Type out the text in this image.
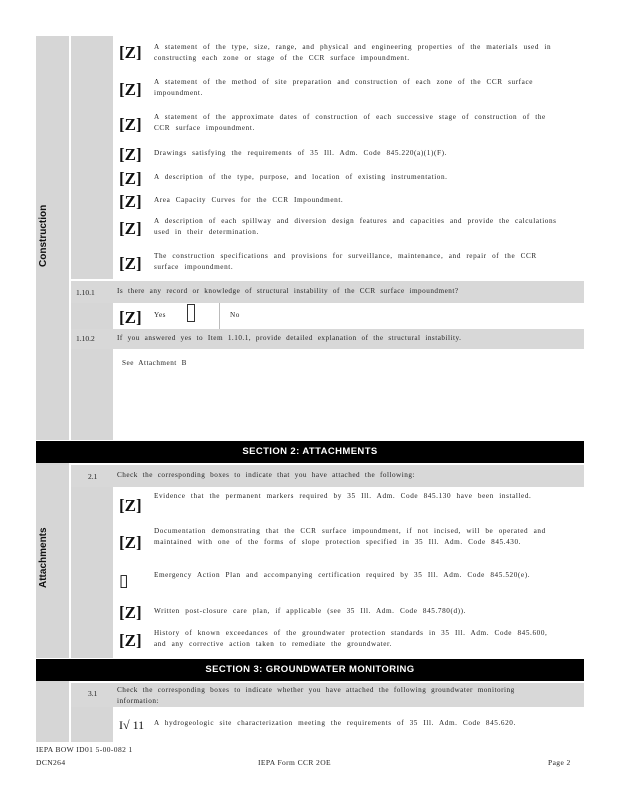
Construction
[Z] A statement of the type, size, range, and physical and engineering properties of the materials used in constructing each zone or stage of the CCR surface impoundment.
[Z] A statement of the method of site preparation and construction of each zone of the CCR surface impoundment.
[Z] A statement of the approximate dates of construction of each successive stage of construction of the CCR surface impoundment.
[Z] Drawings satisfying the requirements of 35 Ill. Adm. Code 845.220(a)(1)(F).
[Z] A description of the type, purpose, and location of existing instrumentation.
[Z] Area Capacity Curves for the CCR Impoundment.
[Z] A description of each spillway and diversion design features and capacities and provide the calculations used in their determination.
[Z] The construction specifications and provisions for surveillance, maintenance, and repair of the CCR surface impoundment.
1.10.1	Is there any record or knowledge of structural instability of the CCR surface impoundment?
[Z] Yes	No
1.10.2	If you answered yes to Item 1.10.1, provide detailed explanation of the structural instability.
See Attachment B
SECTION 2: ATTACHMENTS
Attachments
2.1	Check the corresponding boxes to indicate that you have attached the following:
[Z] Evidence that the permanent markers required by 35 Ill. Adm. Code 845.130 have been installed.
[Z]
Documentation demonstrating that the CCR surface impoundment, if not incised, will be operated and maintained with one of the forms of slope protection specified in 35 Ill. Adm. Code 845.430.
▯	Emergency Action Plan and accompanying certification required by 35 Ill. Adm. Code 845.520(e).
[Z] Written post-closure care plan, if applicable (see 35 Ill. Adm. Code 845.780(d)).
[Z] History of known exceedances of the groundwater protection standards in 35 Ill. Adm. Code 845.600, and any corrective action taken to remediate the groundwater.
SECTION 3: GROUNDWATER MONITORING
3.1	Check the corresponding boxes to indicate whether you have attached the following groundwater monitoring information:
I√ 11 A hydrogeologic site characterization meeting the requirements of 35 Ill. Adm. Code 845.620.
IEPA BOW ID01 5-00-082 1
DCN264	IEPA Form CCR 2OE	Page 2
